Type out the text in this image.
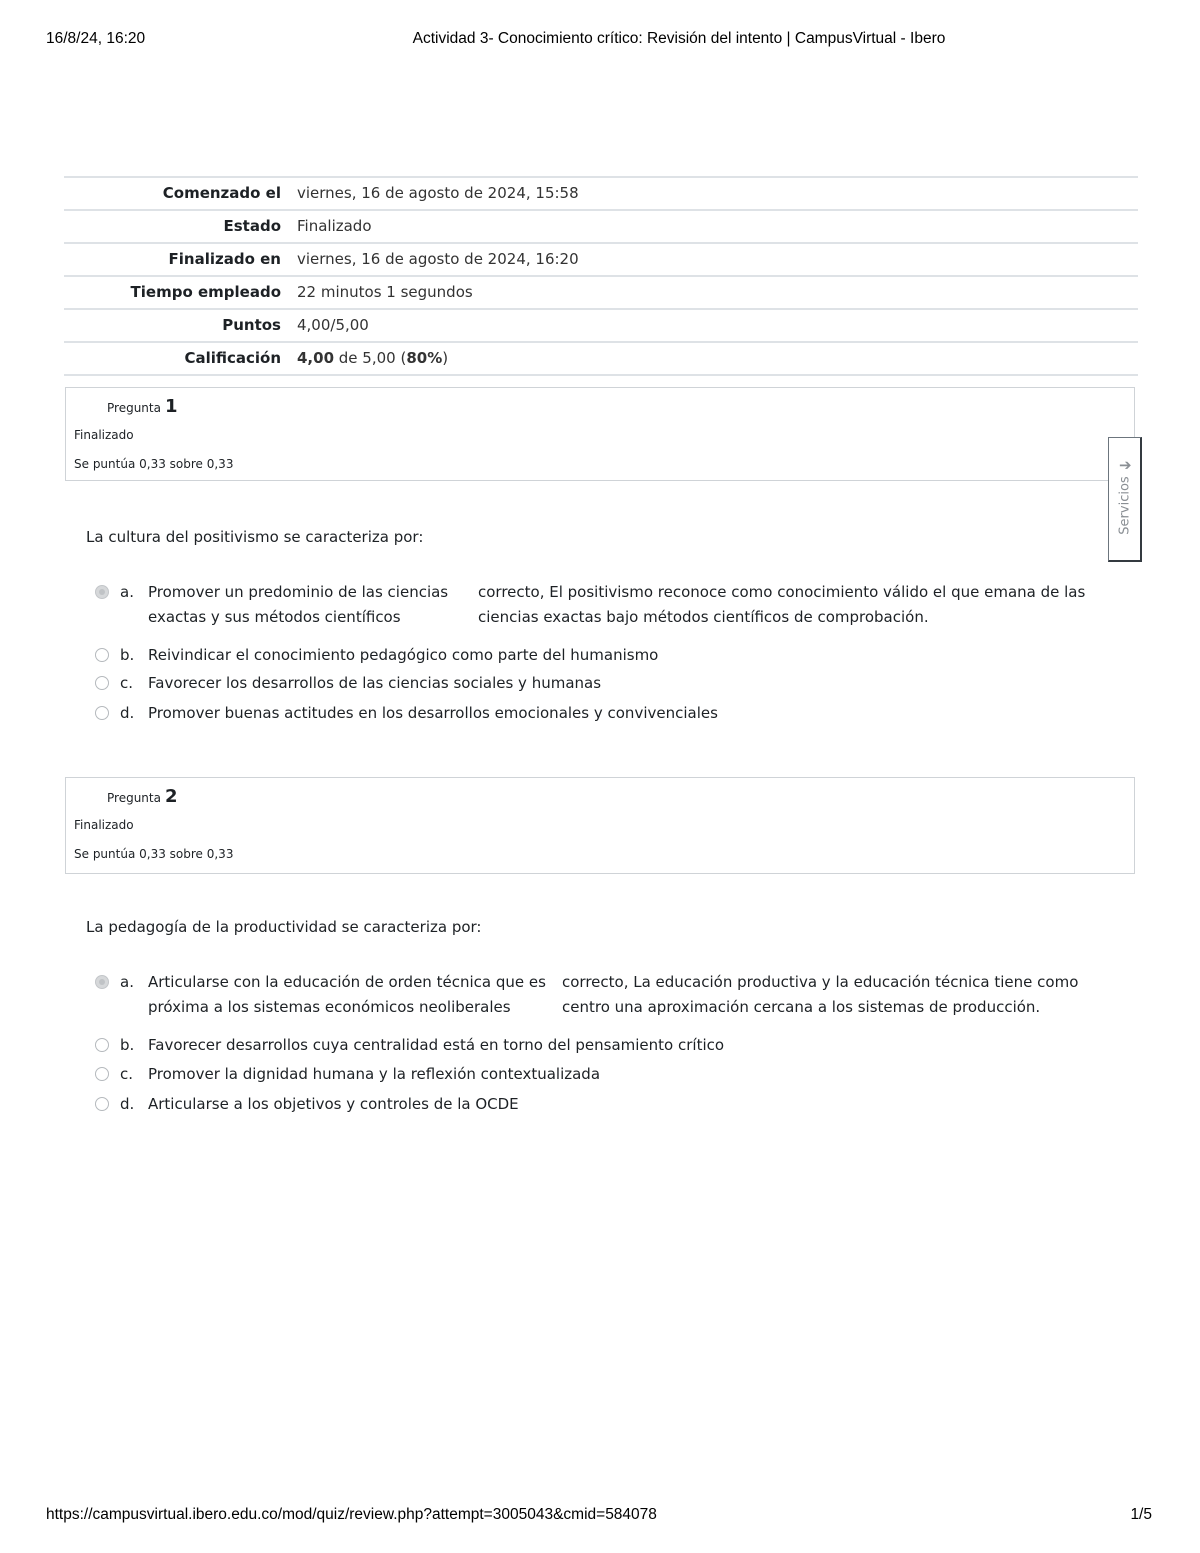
16/8/24, 16:20	Actividad 3- Conocimiento crítico: Revisión del intento | CampusVirtual - Ibero
Comenzado el	viernes, 16 de agosto de 2024, 15:58
Estado	Finalizado
Finalizado en	viernes, 16 de agosto de 2024, 16:20
Tiempo empleado	22 minutos 1 segundos
Puntos	4,00/5,00
Calificación	4,00 de 5,00 (80%)
Pregunta 1
Finalizado
Se puntúa 0,33 sobre 0,33
La cultura del positivismo se caracteriza por:
a. Promover un predominio de las ciencias
exactas y sus métodos científicos
correcto, El positivismo reconoce como conocimiento válido el que emana de las
ciencias exactas bajo métodos científicos de comprobación.
b. Reivindicar el conocimiento pedagógico como parte del humanismo
c. Favorecer los desarrollos de las ciencias sociales y humanas
d. Promover buenas actitudes en los desarrollos emocionales y convivenciales
Pregunta 2
Finalizado
Se puntúa 0,33 sobre 0,33
La pedagogía de la productividad se caracteriza por:
a. Articularse con la educación de orden técnica que es
próxima a los sistemas económicos neoliberales
correcto, La educación productiva y la educación técnica tiene como
centro una aproximación cercana a los sistemas de producción.
b. Favorecer desarrollos cuya centralidad está en torno del pensamiento crítico
c. Promover la dignidad humana y la reflexión contextualizada
d. Articularse a los objetivos y controles de la OCDE
➔
Servicios
https://campusvirtual.ibero.edu.co/mod/quiz/review.php?attempt=3005043&cmid=584078	1/5
